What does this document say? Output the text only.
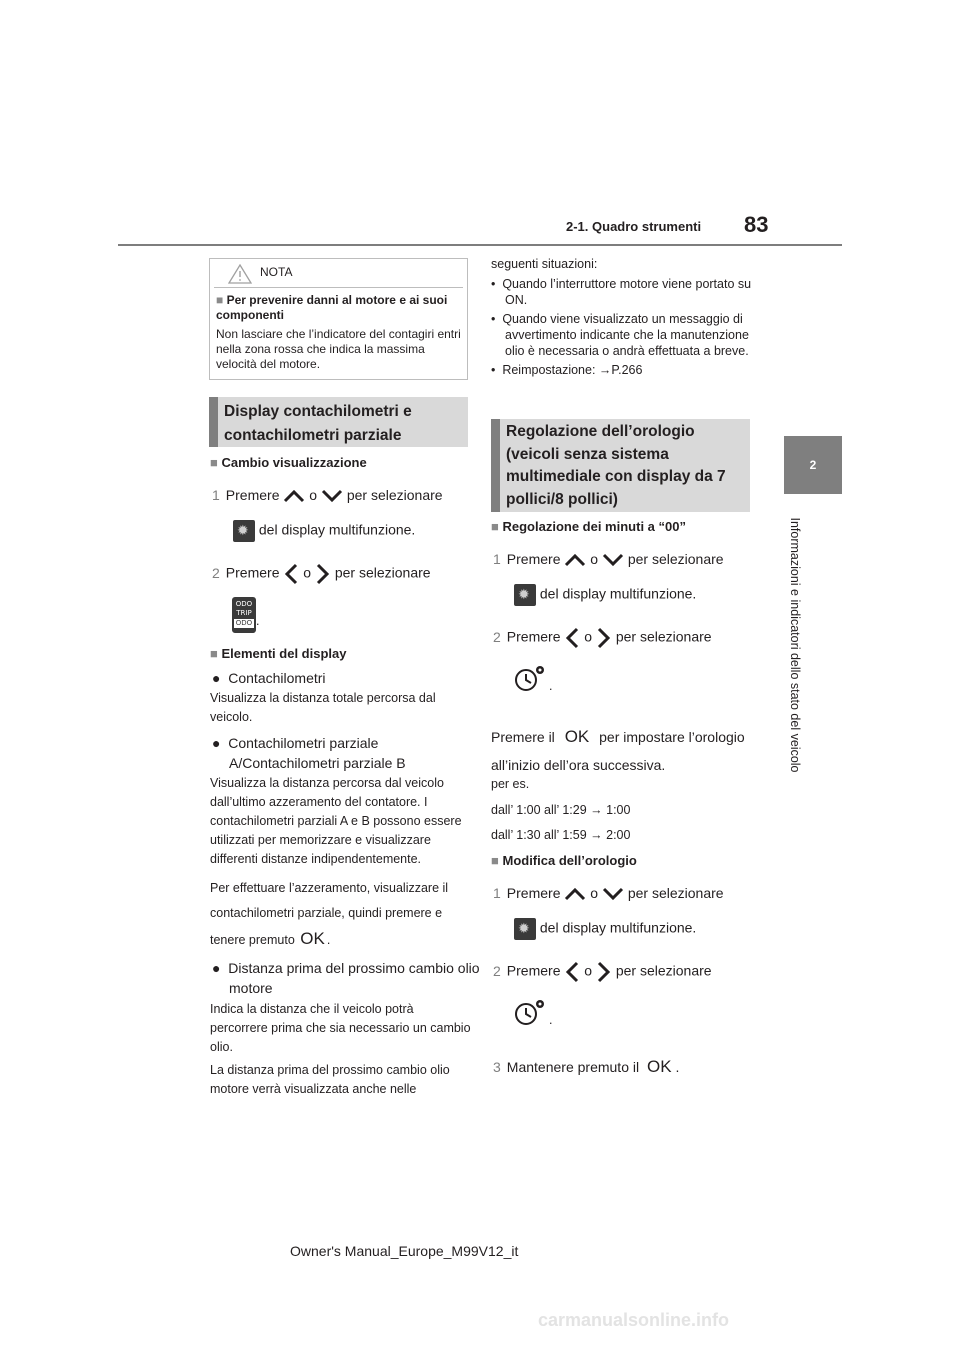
83
2-1. Quadro strumenti
2
Informazioni e indicatori dello stato del veicolo
NOTA
■ Per prevenire danni al motore e ai suoi componenti
Non lasciare che l’indicatore del contagiri entri nella zona rossa che indica la massima velocità del motore.
Display contachilometri e contachilometri parziale
■ Cambio visualizzazione
1 Premere o per selezionare
✹ del display multifunzione.
2 Premere o per selezionare
ODO
TRIP
ODO .
■ Elementi del display
● Contachilometri
Visualizza la distanza totale percorsa dal veicolo.
● Contachilometri parziale A/Contachilometri parziale B
Visualizza la distanza percorsa dal veicolo dall’ultimo azzeramento del contatore. I contachilometri parziali A e B possono essere utilizzati per memorizzare e visualizzare differenti distanze indipendentemente.
Per effettuare l’azzeramento, visualizzare il contachilometri parziale, quindi premere e tenere premuto OK .
● Distanza prima del prossimo cambio olio motore
Indica la distanza che il veicolo potrà percorrere prima che sia necessario un cambio olio.
La distanza prima del prossimo cambio olio motore verrà visualizzata anche nelle
seguenti situazioni:
•  Quando l’interruttore motore viene portato su ON.
•  Quando viene visualizzato un messaggio di avvertimento indicante che la manutenzione olio è necessaria o andrà effettuata a breve.
•  Reimpostazione: →P.266
Regolazione dell’orologio (veicoli senza sistema multimediale con display da 7 pollici/8 pollici)
■ Regolazione dei minuti a “00”
1 Premere o per selezionare
✹ del display multifunzione.
2 Premere o per selezionare
.
Premere il OK per impostare l’orologio
all’inizio dell’ora successiva.
per es.
dall’ 1:00 all’ 1:29 → 1:00
dall’ 1:30 all’ 1:59 → 2:00
■ Modifica dell’orologio
1 Premere o per selezionare
✹ del display multifunzione.
2 Premere o per selezionare
.
3 Mantenere premuto il OK .
Owner's Manual_Europe_M99V12_it
carmanualsonline.info
